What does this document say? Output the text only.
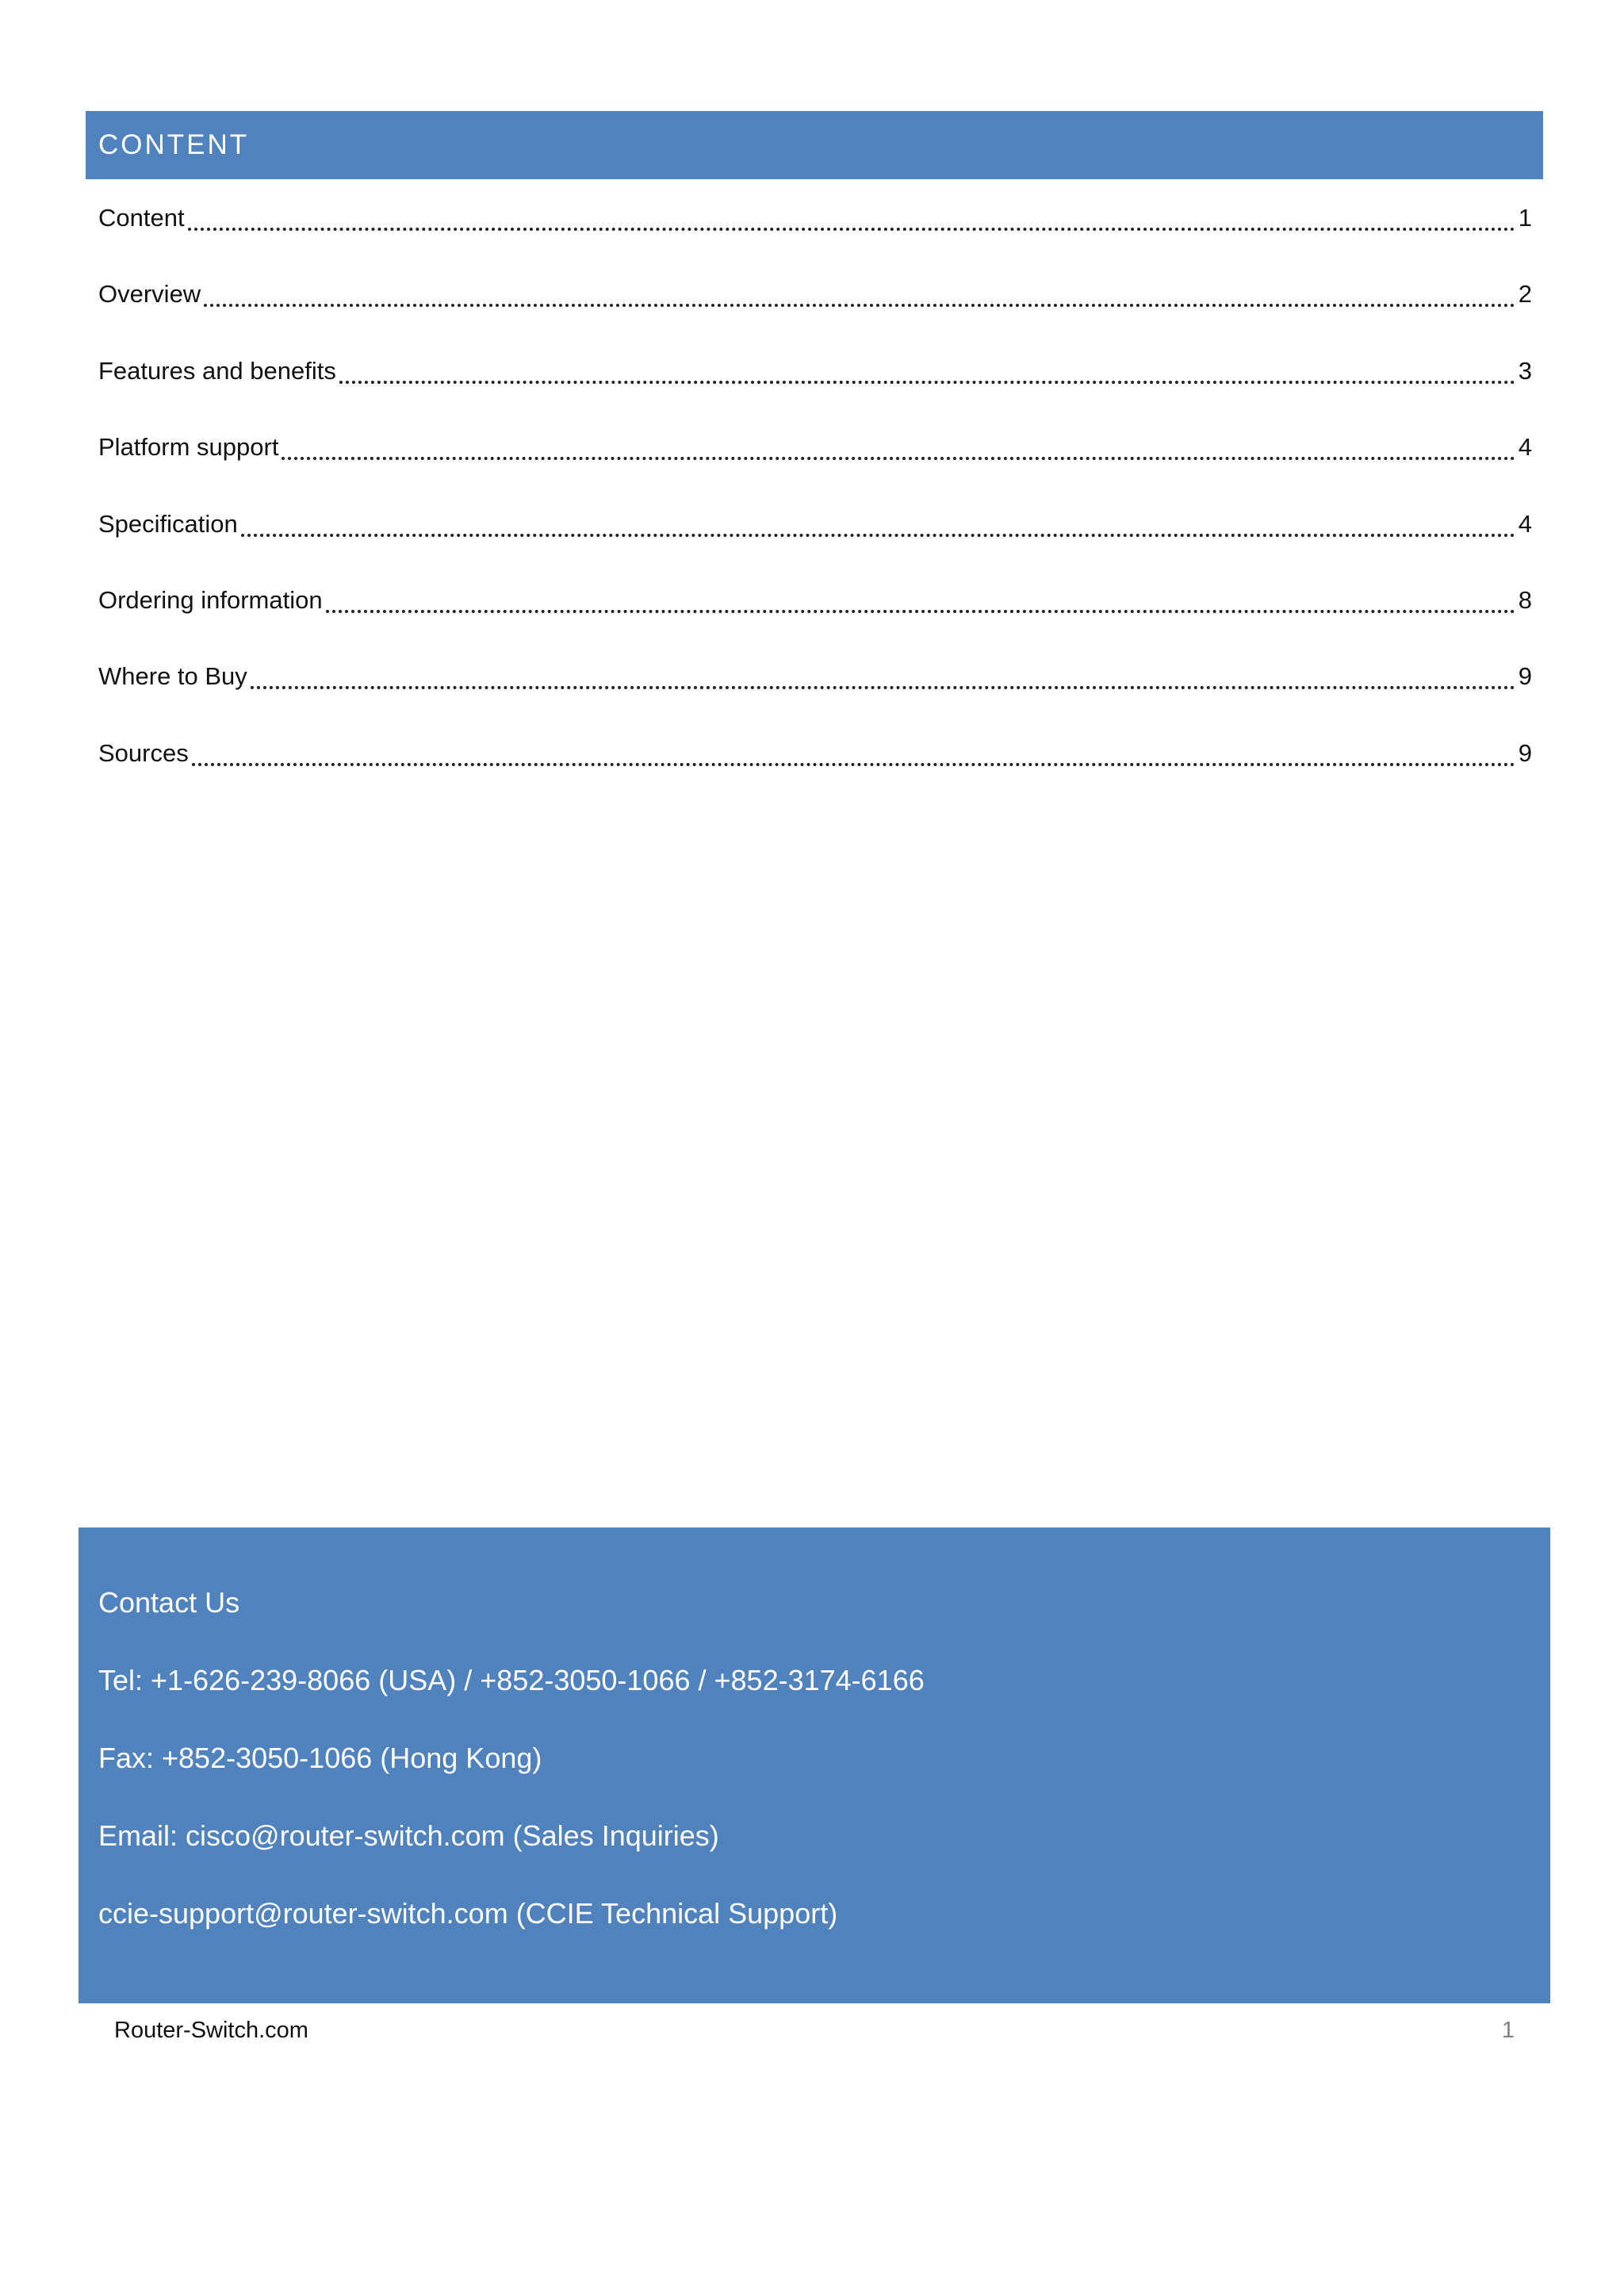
CONTENT
Content	1
Overview	2
Features and benefits	3
Platform support	4
Specification	4
Ordering information	8
Where to Buy	9
Sources	9
Contact Us
Tel: +1-626-239-8066 (USA) / +852-3050-1066 / +852-3174-6166
Fax: +852-3050-1066 (Hong Kong)
Email: cisco@router-switch.com (Sales Inquiries)
ccie-support@router-switch.com (CCIE Technical Support)
Router-Switch.com	1
